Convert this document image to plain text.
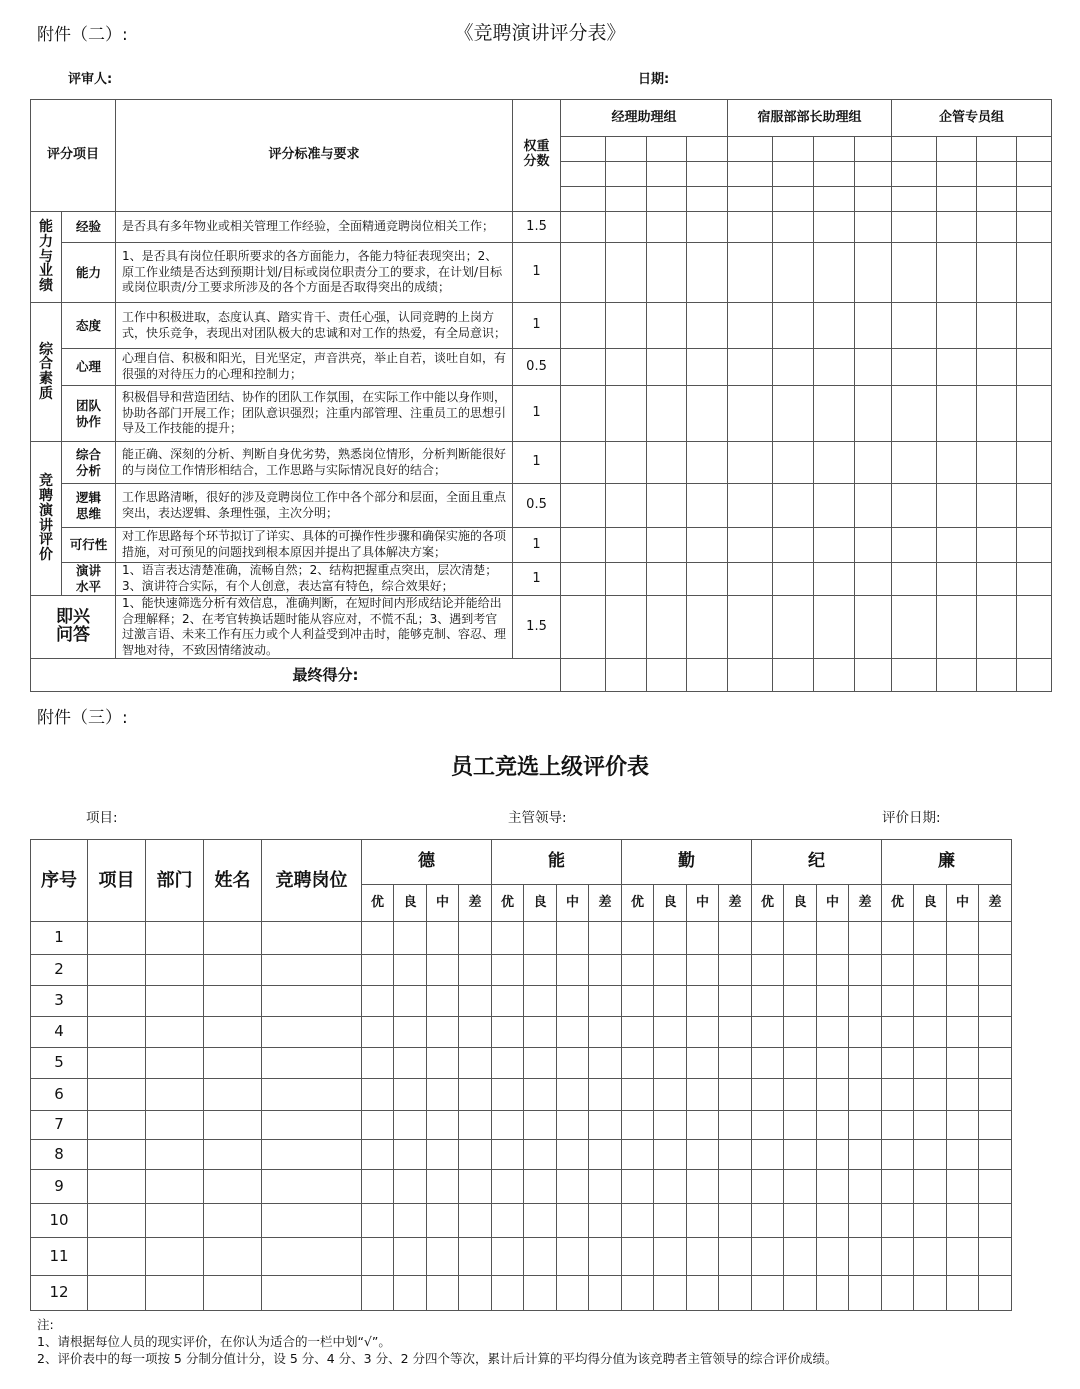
附件（二）:	《竞聘演讲评分表》
评审人:	日期:
评分项目		评分标准与要求	权重分数	经理助理组				宿服部部长助理组				企管专员组			

能力与业绩	经验	是否具有多年物业或相关管理工作经验，全面精通竞聘岗位相关工作；	1.5												
	能力	1、是否具有岗位任职所要求的各方面能力，各能力特征表现突出；2、原工作业绩是否达到预期计划/目标或岗位职责分工的要求，在计划/目标或岗位职责/分工要求所涉及的各个方面是否取得突出的成绩；	1												
综合素质	态度	工作中积极进取，态度认真、踏实肯干、责任心强，认同竞聘的上岗方式，快乐竞争，表现出对团队极大的忠诚和对工作的热爱，有全局意识；	1												
	心理	心理自信、积极和阳光，目光坚定，声音洪亮，举止自若，谈吐自如，有很强的对待压力的心理和控制力；	0.5												
	团队协作	积极倡导和营造团结、协作的团队工作氛围，在实际工作中能以身作则，协助各部门开展工作；团队意识强烈；注重内部管理、注重员工的思想引导及工作技能的提升；	1												
竞聘演讲评价	综合分析	能正确、深刻的分析、判断自身优劣势，熟悉岗位情形，分析判断能很好的与岗位工作情形相结合，工作思路与实际情况良好的结合；	1												
	逻辑思维	工作思路清晰，很好的涉及竞聘岗位工作中各个部分和层面，全面且重点突出，表达逻辑、条理性强，主次分明；	0.5												
	可行性	对工作思路每个环节拟订了详实、具体的可操作性步骤和确保实施的各项措施，对可预见的问题找到根本原因并提出了具体解决方案；	1												
	演讲水平	1、语言表达清楚准确，流畅自然；2、结构把握重点突出，层次清楚；3、演讲符合实际，有个人创意，表达富有特色，综合效果好；	1												
即兴问答		1、能快速筛选分析有效信息，准确判断，在短时间内形成结论并能给出合理解释；2、在考官转换话题时能从容应对，不慌不乱；3、遇到考官过激言语、未来工作有压力或个人利益受到冲击时，能够克制、容忍、理智地对待，不致因情绪波动。	1.5												
最终得分:															
附件（三）:
员工竞选上级评价表
项目:	主管领导:	评价日期:
序号	项目	部门	姓名	竞聘岗位	德				能				勤				纪				廉			
					优	良	中	差	优	良	中	差	优	良	中	差	优	良	中	差	优	良	中	差
1																								
2																								
3																								
4																								
5																								
6																								
7																								
8																								
9																								
10																								
11																								
12																								
注:
1、请根据每位人员的现实评价，在你认为适合的一栏中划“√”。
2、评价表中的每一项按 5 分制分值计分，设 5 分、4 分、3 分、2 分四个等次，累计后计算的平均得分值为该竞聘者主管领导的综合评价成绩。
